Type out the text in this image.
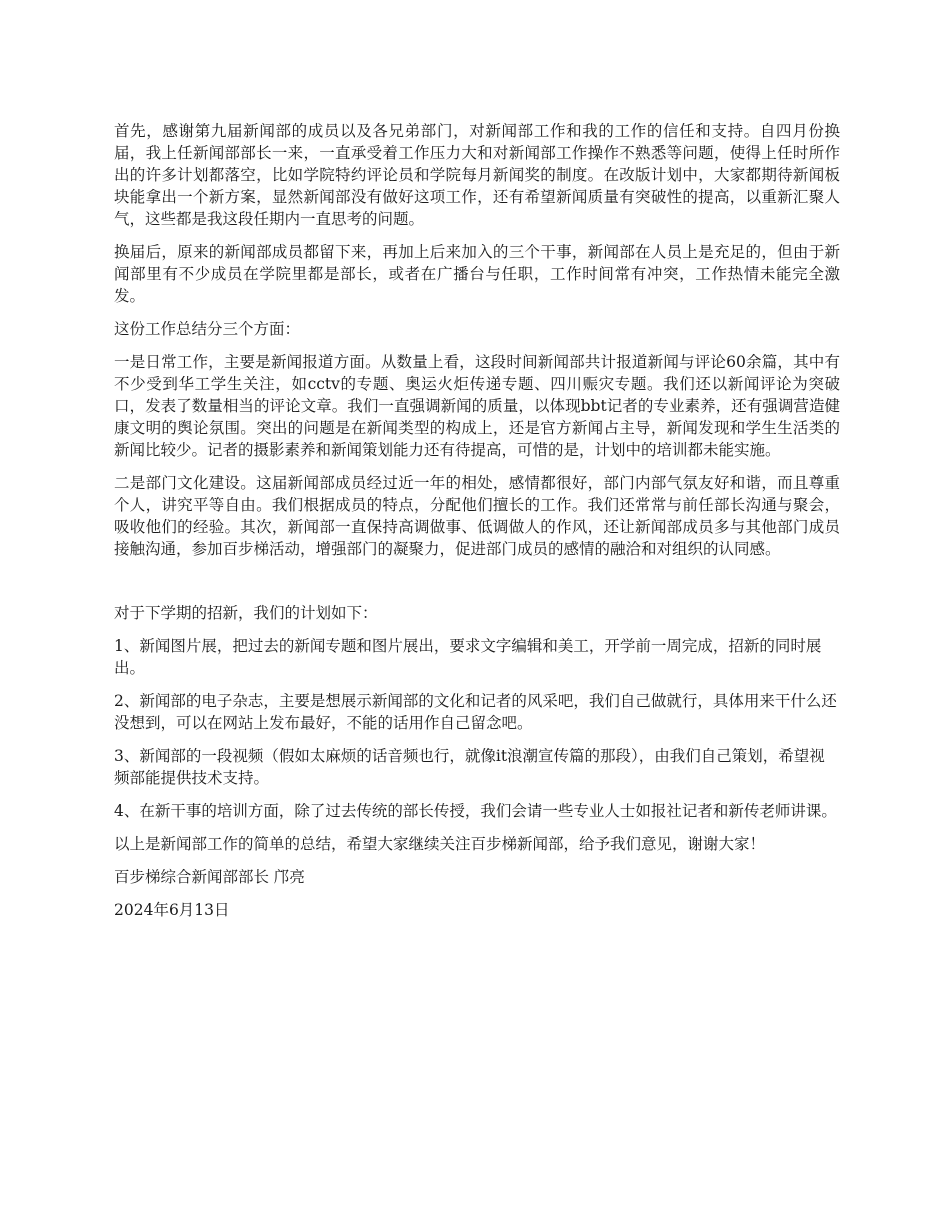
首先，感谢第九届新闻部的成员以及各兄弟部门，对新闻部工作和我的工作的信任和支持。自四月份换届，我上任新闻部部长一来，一直承受着工作压力大和对新闻部工作操作不熟悉等问题，使得上任时所作出的许多计划都落空，比如学院特约评论员和学院每月新闻奖的制度。在改版计划中，大家都期待新闻板块能拿出一个新方案，显然新闻部没有做好这项工作，还有希望新闻质量有突破性的提高，以重新汇聚人气，这些都是我这段任期内一直思考的问题。

换届后，原来的新闻部成员都留下来，再加上后来加入的三个干事，新闻部在人员上是充足的，但由于新闻部里有不少成员在学院里都是部长，或者在广播台与任职，工作时间常有冲突，工作热情未能完全激发。

这份工作总结分三个方面：

一是日常工作，主要是新闻报道方面。从数量上看，这段时间新闻部共计报道新闻与评论60余篇，其中有不少受到华工学生关注，如cctv的专题、奥运火炬传递专题、四川赈灾专题。我们还以新闻评论为突破口，发表了数量相当的评论文章。我们一直强调新闻的质量，以体现bbt记者的专业素养，还有强调营造健康文明的舆论氛围。突出的问题是在新闻类型的构成上，还是官方新闻占主导，新闻发现和学生生活类的新闻比较少。记者的摄影素养和新闻策划能力还有待提高，可惜的是，计划中的培训都未能实施。

二是部门文化建设。这届新闻部成员经过近一年的相处，感情都很好，部门内部气氛友好和谐，而且尊重个人，讲究平等自由。我们根据成员的特点，分配他们擅长的工作。我们还常常与前任部长沟通与聚会，吸收他们的经验。其次，新闻部一直保持高调做事、低调做人的作风，还让新闻部成员多与其他部门成员接触沟通，参加百步梯活动，增强部门的凝聚力，促进部门成员的感情的融洽和对组织的认同感。

对于下学期的招新，我们的计划如下：

1、新闻图片展，把过去的新闻专题和图片展出，要求文字编辑和美工，开学前一周完成，招新的同时展出。

2、新闻部的电子杂志，主要是想展示新闻部的文化和记者的风采吧，我们自己做就行，具体用来干什么还没想到，可以在网站上发布最好，不能的话用作自己留念吧。

3、新闻部的一段视频（假如太麻烦的话音频也行，就像it浪潮宣传篇的那段），由我们自己策划，希望视频部能提供技术支持。

4、在新干事的培训方面，除了过去传统的部长传授，我们会请一些专业人士如报社记者和新传老师讲课。

以上是新闻部工作的简单的总结，希望大家继续关注百步梯新闻部，给予我们意见，谢谢大家！

百步梯综合新闻部部长 邝亮

2024年6月13日
